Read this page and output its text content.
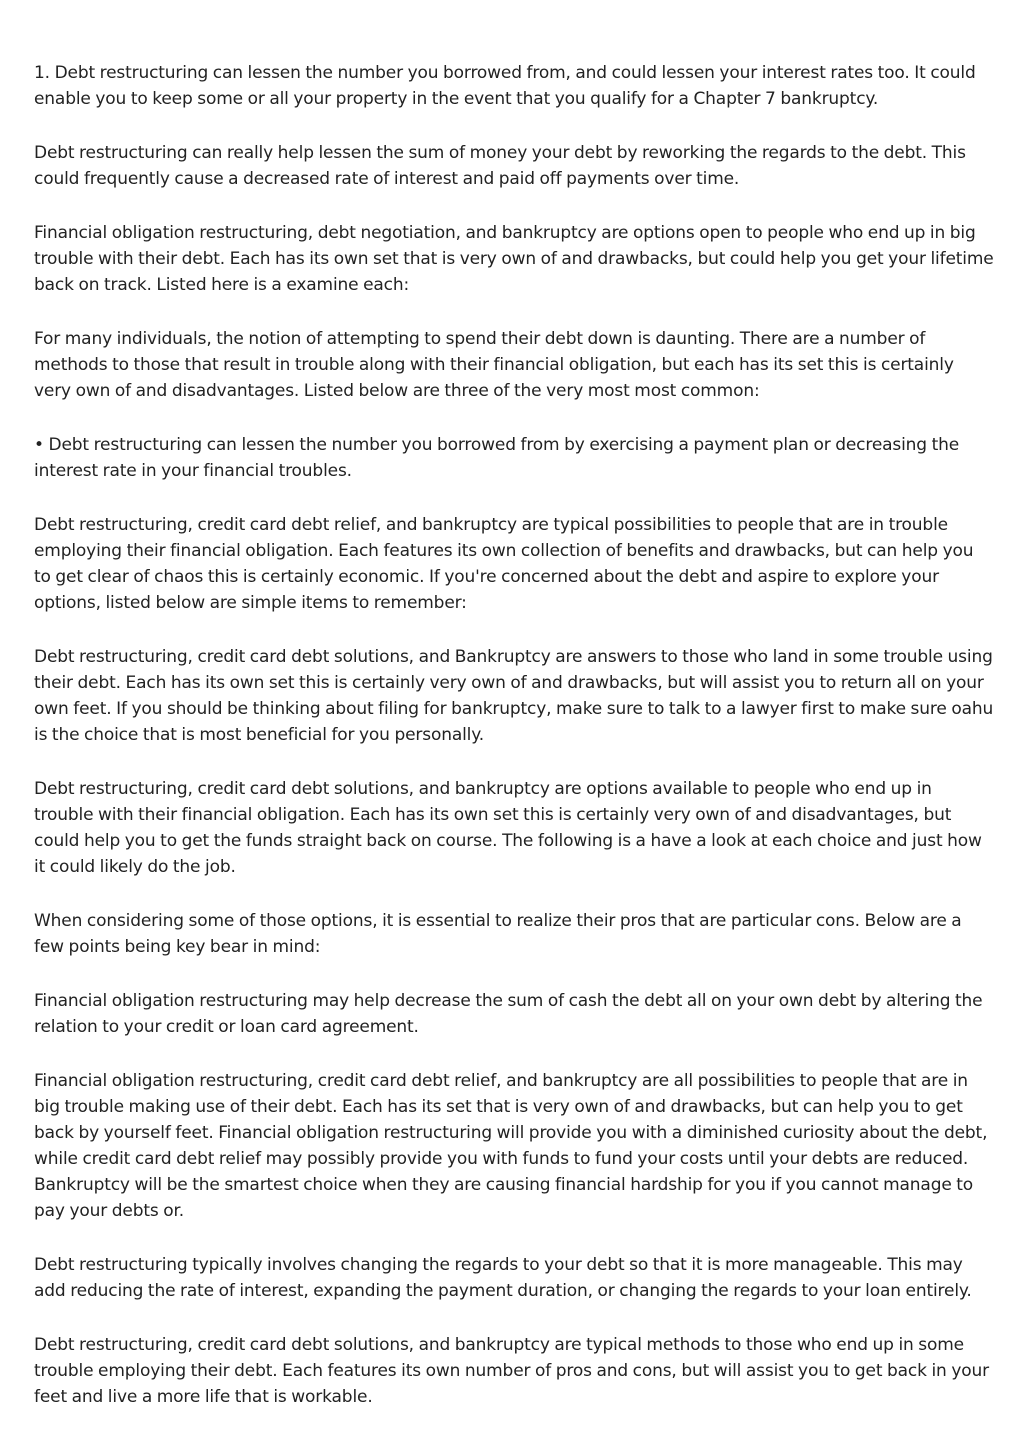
1. Debt restructuring can lessen the number you borrowed from, and could lessen your interest rates too. It could enable you to keep some or all your property in the event that you qualify for a Chapter 7 bankruptcy.

Debt restructuring can really help lessen the sum of money your debt by reworking the regards to the debt. This could frequently cause a decreased rate of interest and paid off payments over time.

Financial obligation restructuring, debt negotiation, and bankruptcy are options open to people who end up in big trouble with their debt. Each has its own set that is very own of and drawbacks, but could help you get your lifetime back on track. Listed here is a examine each:

For many individuals, the notion of attempting to spend their debt down is daunting. There are a number of methods to those that result in trouble along with their financial obligation, but each has its set this is certainly very own of and disadvantages. Listed below are three of the very most most common:

• Debt restructuring can lessen the number you borrowed from by exercising a payment plan or decreasing the interest rate in your financial troubles.

Debt restructuring, credit card debt relief, and bankruptcy are typical possibilities to people that are in trouble employing their financial obligation. Each features its own collection of benefits and drawbacks, but can help you to get clear of chaos this is certainly economic. If you're concerned about the debt and aspire to explore your options, listed below are simple items to remember:

Debt restructuring, credit card debt solutions, and Bankruptcy are answers to those who land in some trouble using their debt. Each has its own set this is certainly very own of and drawbacks, but will assist you to return all on your own feet. If you should be thinking about filing for bankruptcy, make sure to talk to a lawyer first to make sure oahu is the choice that is most beneficial for you personally.

Debt restructuring, credit card debt solutions, and bankruptcy are options available to people who end up in trouble with their financial obligation. Each has its own set this is certainly very own of and disadvantages, but could help you to get the funds straight back on course. The following is a have a look at each choice and just how it could likely do the job.

When considering some of those options, it is essential to realize their pros that are particular cons. Below are a few points being key bear in mind:

Financial obligation restructuring may help decrease the sum of cash the debt all on your own debt by altering the relation to your credit or loan card agreement.

Financial obligation restructuring, credit card debt relief, and bankruptcy are all possibilities to people that are in big trouble making use of their debt. Each has its set that is very own of and drawbacks, but can help you to get back by yourself feet. Financial obligation restructuring will provide you with a diminished curiosity about the debt, while credit card debt relief may possibly provide you with funds to fund your costs until your debts are reduced. Bankruptcy will be the smartest choice when they are causing financial hardship for you if you cannot manage to pay your debts or.

Debt restructuring typically involves changing the regards to your debt so that it is more manageable. This may add reducing the rate of interest, expanding the payment duration, or changing the regards to your loan entirely.

Debt restructuring, credit card debt solutions, and bankruptcy are typical methods to those who end up in some trouble employing their debt. Each features its own number of pros and cons, but will assist you to get back in your feet and live a more life that is workable.
